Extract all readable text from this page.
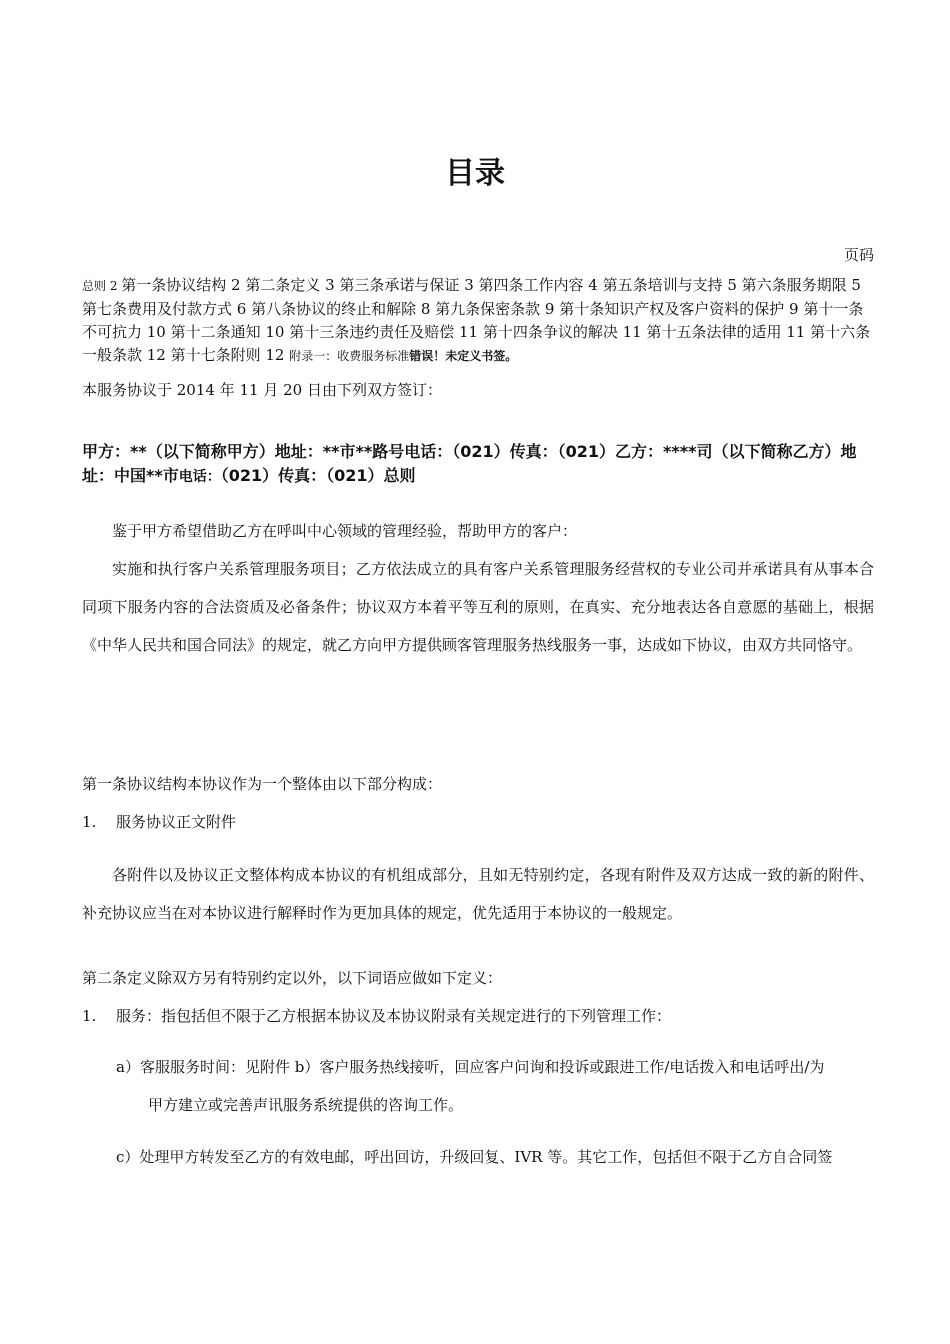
目录
页码
总则 2 第一条协议结构 2 第二条定义 3 第三条承诺与保证 3 第四条工作内容 4 第五条培训与支持 5 第六条服务期限 5 第七条费用及付款方式 6 第八条协议的终止和解除 8 第九条保密条款 9 第十条知识产权及客户资料的保护 9 第十一条不可抗力 10 第十二条通知 10 第十三条违约责任及赔偿 11 第十四条争议的解决 11 第十五条法律的适用 11 第十六条一般条款 12 第十七条附则 12 附录一：收费服务标准错误！未定义书签。
本服务协议于 2014 年 11 月 20 日由下列双方签订：
甲方：**（以下简称甲方）地址：**市**路号电话：（021）传真：（021）乙方：****司（以下简称乙方）地址：中国**市电话：（021）传真：（021）总则
鉴于甲方希望借助乙方在呼叫中心领域的管理经验，帮助甲方的客户：
实施和执行客户关系管理服务项目；乙方依法成立的具有客户关系管理服务经营权的专业公司并承诺具有从事本合同项下服务内容的合法资质及必备条件；协议双方本着平等互利的原则，在真实、充分地表达各自意愿的基础上，根据《中华人民共和国合同法》的规定，就乙方向甲方提供顾客管理服务热线服务一事，达成如下协议，由双方共同恪守。
第一条协议结构本协议作为一个整体由以下部分构成：
1. 服务协议正文附件
各附件以及协议正文整体构成本协议的有机组成部分，且如无特别约定，各现有附件及双方达成一致的新的附件、补充协议应当在对本协议进行解释时作为更加具体的规定，优先适用于本协议的一般规定。
第二条定义除双方另有特别约定以外，以下词语应做如下定义：
1. 服务：指包括但不限于乙方根据本协议及本协议附录有关规定进行的下列管理工作：
a）客服服务时间：见附件 b）客户服务热线接听，回应客户问询和投诉或跟进工作/电话拨入和电话呼出/为
甲方建立或完善声讯服务系统提供的咨询工作。
c）处理甲方转发至乙方的有效电邮，呼出回访，升级回复、IVR 等。其它工作，包括但不限于乙方自合同签
